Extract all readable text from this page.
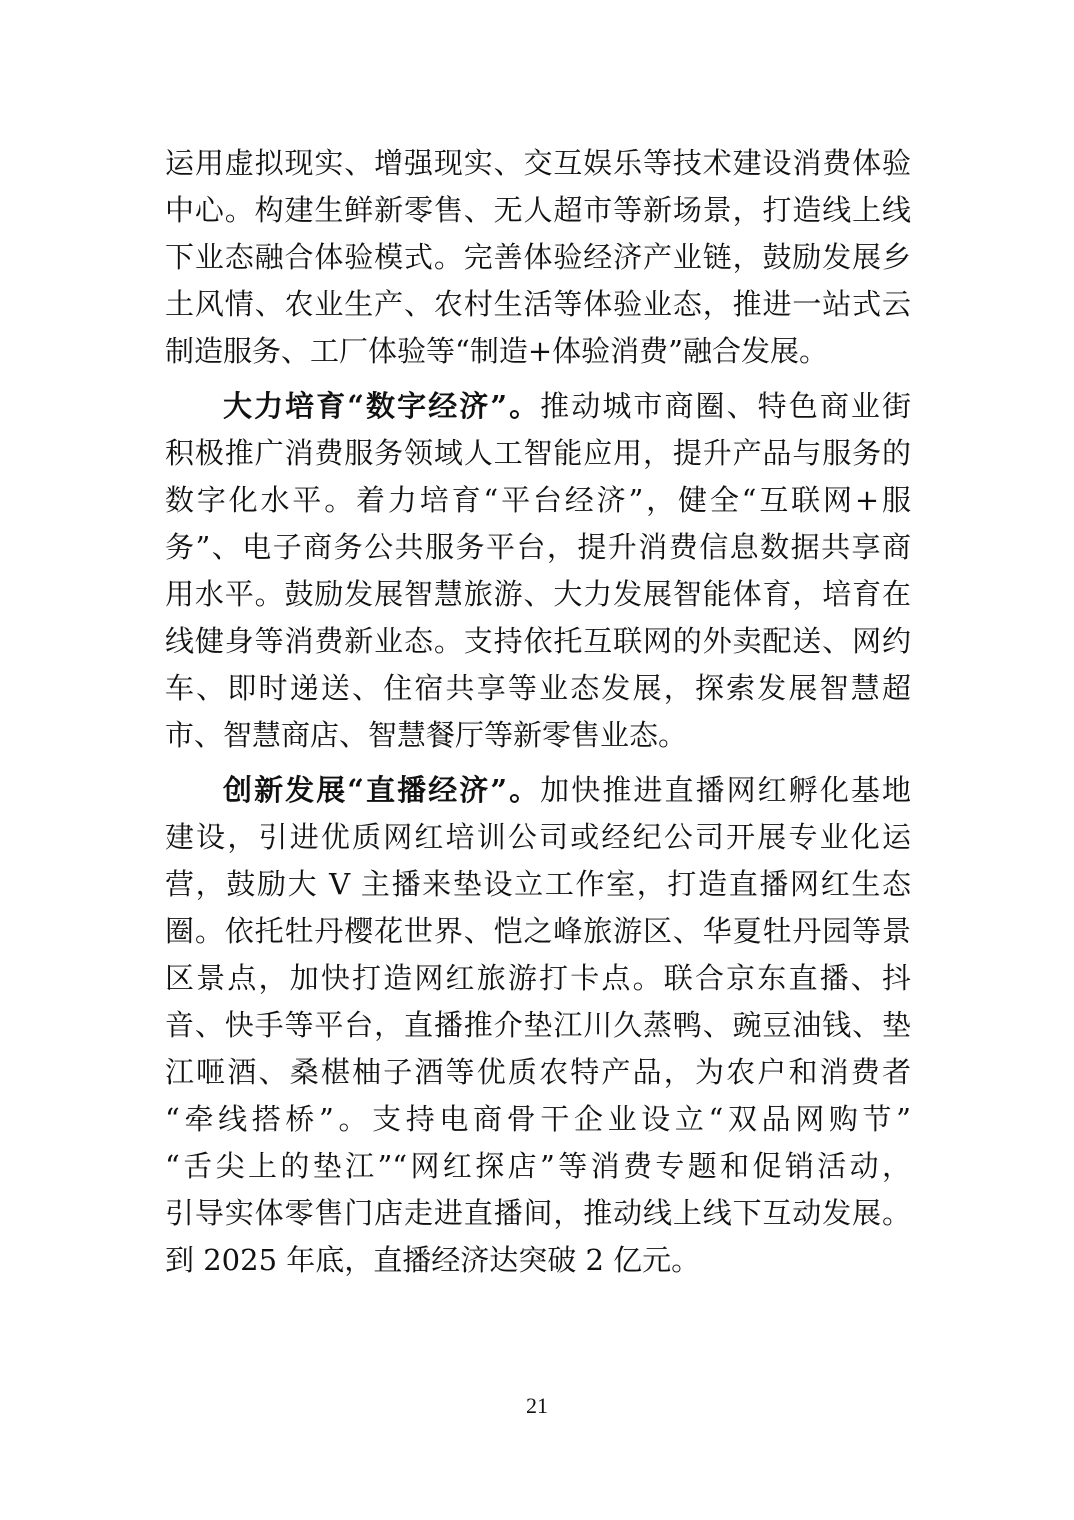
运用虚拟现实、增强现实、交互娱乐等技术建设消费体验
中心。构建生鲜新零售、无人超市等新场景，打造线上线
下业态融合体验模式。完善体验经济产业链，鼓励发展乡
土风情、农业生产、农村生活等体验业态，推进一站式云
制造服务、工厂体验等“制造+体验消费”融合发展。
大力培育“数字经济”。推动城市商圈、特色商业街
积极推广消费服务领域人工智能应用，提升产品与服务的
数字化水平。着力培育“平台经济”，健全“互联网+服
务”、电子商务公共服务平台，提升消费信息数据共享商
用水平。鼓励发展智慧旅游、大力发展智能体育，培育在
线健身等消费新业态。支持依托互联网的外卖配送、网约
车、即时递送、住宿共享等业态发展，探索发展智慧超
市、智慧商店、智慧餐厅等新零售业态。
创新发展“直播经济”。加快推进直播网红孵化基地
建设，引进优质网红培训公司或经纪公司开展专业化运
营，鼓励大 V 主播来垫设立工作室，打造直播网红生态
圈。依托牡丹樱花世界、恺之峰旅游区、华夏牡丹园等景
区景点，加快打造网红旅游打卡点。联合京东直播、抖
音、快手等平台，直播推介垫江川久蒸鸭、豌豆油钱、垫
江咂酒、桑椹柚子酒等优质农特产品，为农户和消费者
“牵线搭桥”。支持电商骨干企业设立“双品网购节”
“舌尖上的垫江”“网红探店”等消费专题和促销活动，
引导实体零售门店走进直播间，推动线上线下互动发展。
到 2025 年底，直播经济达突破 2 亿元。
21
